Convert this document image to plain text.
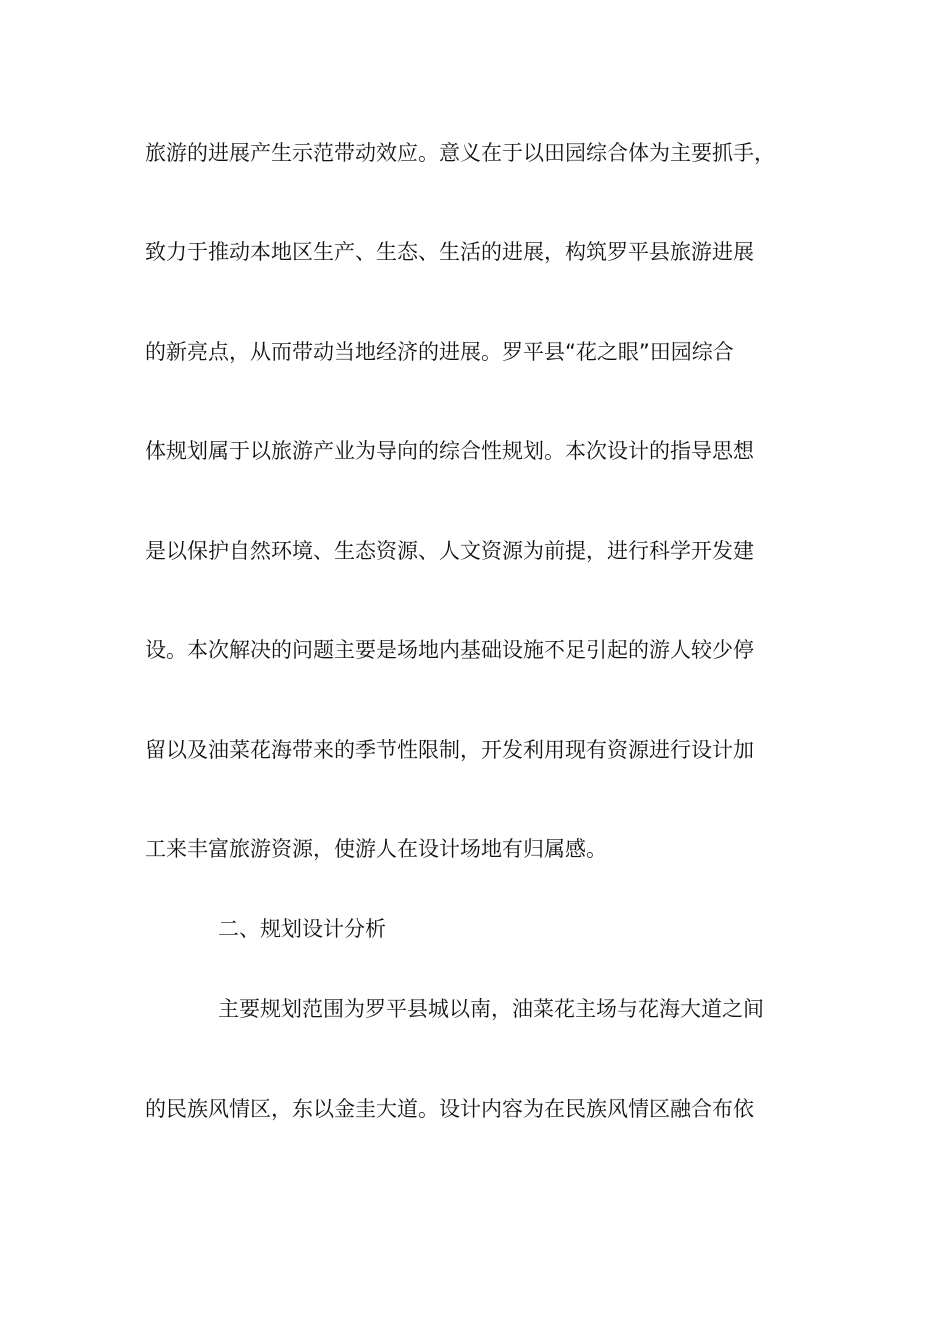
旅游的进展产生示范带动效应。意义在于以田园综合体为主要抓手，
致力于推动本地区生产、生态、生活的进展，构筑罗平县旅游进展
的新亮点，从而带动当地经济的进展。罗平县“花之眼”田园综合
体规划属于以旅游产业为导向的综合性规划。本次设计的指导思想
是以保护自然环境、生态资源、人文资源为前提，进行科学开发建
设。本次解决的问题主要是场地内基础设施不足引起的游人较少停
留以及油菜花海带来的季节性限制，开发利用现有资源进行设计加
工来丰富旅游资源，使游人在设计场地有归属感。
二、规划设计分析
主要规划范围为罗平县城以南，油菜花主场与花海大道之间
的民族风情区，东以金圭大道。设计内容为在民族风情区融合布依
